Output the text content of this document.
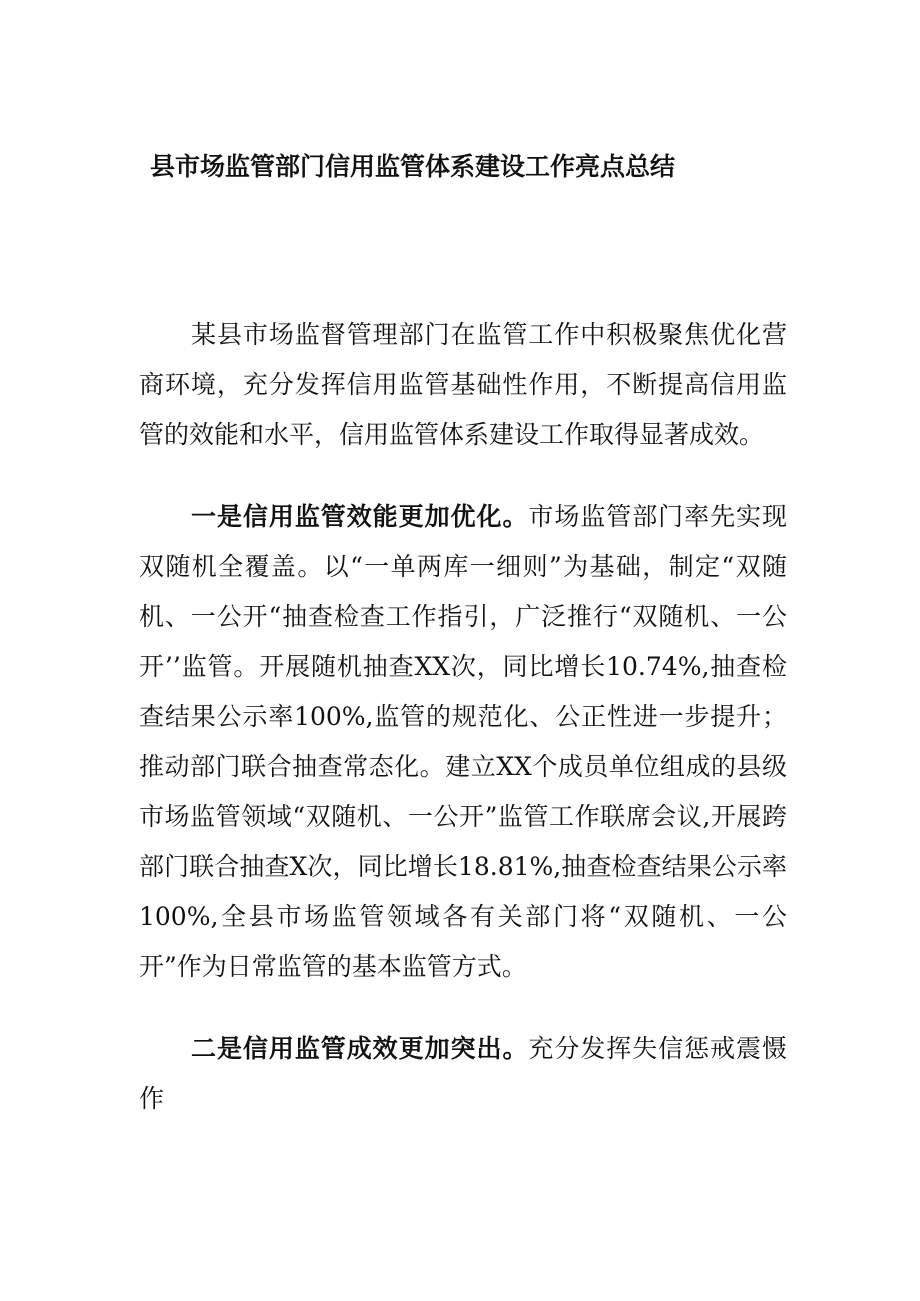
县市场监管部门信用监管体系建设工作亮点总结

某县市场监督管理部门在监管工作中积极聚焦优化营商环境，充分发挥信用监管基础性作用，不断提高信用监管的效能和水平，信用监管体系建设工作取得显著成效。

一是信用监管效能更加优化。市场监管部门率先实现双随机全覆盖。以“一单两库一细则”为基础，制定“双随机、一公开“抽查检查工作指引，广泛推行“双随机、一公开’’监管。开展随机抽查XX次，同比增长10.74%,抽查检查结果公示率100%,监管的规范化、公正性进一步提升；推动部门联合抽查常态化。建立XX个成员单位组成的县级市场监管领域“双随机、一公开”监管工作联席会议,开展跨部门联合抽查X次，同比增长18.81%,抽查检查结果公示率100%,全县市场监管领域各有关部门将“双随机、一公开”作为日常监管的基本监管方式。

二是信用监管成效更加突出。充分发挥失信惩戒震慑作
